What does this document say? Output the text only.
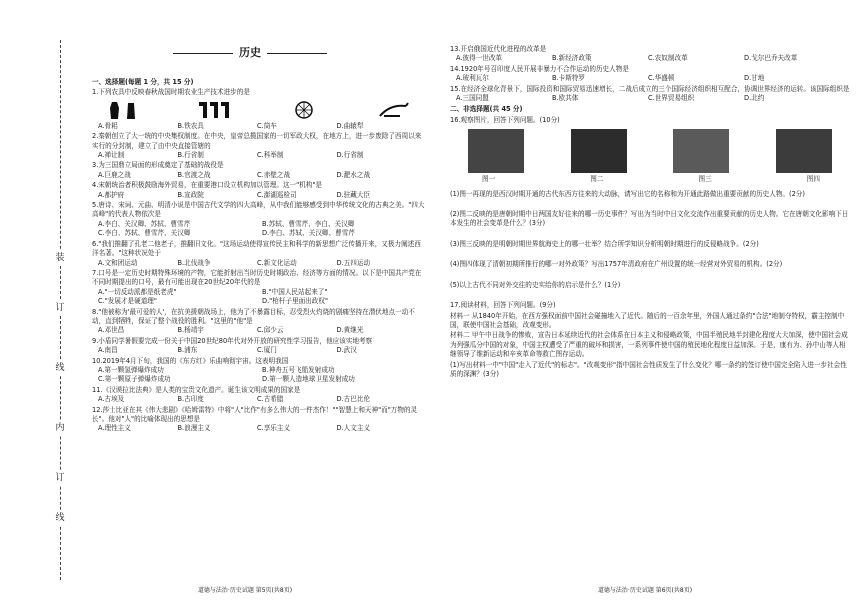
装
订
线
内
订
线
历史
一、选择题(每题 1 分，共 15 分)
1.下列农具中反映春秋战国时期农业生产技术进步的是
A.骨耜	B.铁农具	C.筒车	D.曲辕犁
2.秦朝创立了大一统的中央集权制度。在中央，皇帝总揽国家的一切军政大权，在地方上，进一步废除了西周以来实行的分封制，建立了由中央直接管辖的
A.禅让制	B.行省制	C.科举制	D.行省制
3.为三国鼎立局面的形成奠定了基础的战役是
A.巨鹿之战	B.官渡之战	C.赤壁之战	D.淝水之战
4.宋朝统治者积极鼓励海外贸易，在重要港口设立机构加以管理。这一"机构"是
A.都护府	B.宣政院	C.澎湖巡检司	D.驻藏大臣
5.唐诗、宋词、元曲、明清小说是中国古代文学的四大高峰，从中我们能够感受到中华传统文化的古典之美。"四大高峰"的代表人物依次是
A.李白、关汉卿、苏轼、曹雪芹	B.苏轼、曹雪芹、李白、关汉卿
C.李白、苏轼、曹雪芹、关汉卿	D.李白、苏轼、关汉卿、曹雪芹
6."我们推翻了孔老二他老子，推翻旧文化。"这场运动使得宣传民主和科学的新思想广泛传播开来，又极力阐述西洋名著。"这种状况处于
A.文和团运动	B.北伐战争	C.新文化运动	D.五四运动
7.口号是一定历史时期特殊环境的产物，它能折射出当时历史时期政治、经济等方面的情况。以下是中国共产党在不同时期提出的口号，最有可能出现在20世纪20年代的是
A."一切反动派都是纸老虎"	B."中国人民站起来了"
C."发展才是硬道理"	D."枪杆子里面出政权"
8."他被称为'最可爱的人'，在抗美援朝战场上，他为了不暴露目标，忍受烈火灼烧的剧痛坚持在潜伏地点一动不动，直到牺牲，保证了整个战役的胜利。"这里的"他"是
A.邓世昌	B.杨靖宇	C.邱少云	D.黄继光
9.小盾同学暑假要完成一份关于中国20世纪80年代对外开放的研究性学习报告，他应该实地考察
A.南昌	B.浦东	C.厦门	D.武汉
10.2019年4月下旬，我国的《东方红》乐曲响彻宇宙。这表明我国
A.第一颗氢弹爆炸成功	B.神舟五号飞船发射成功
C.第一颗原子弹爆炸成功	D.第一颗人造地球卫星发射成功
11.《汉谟拉比法典》是人类的宝贵文化遗产。诞生该文明成果的国家是
A.古埃及	B.古印度	C.古希腊	D.古巴比伦
12.莎士比亚在其《伟大悲剧》《哈姆雷特》中将"人"比作"有多么伟大的一件杰作！""智慧上和天神"而"万物的灵长"。他对"人"的比喻体现出的思想是
A.理性主义	B.浪漫主义	C.享乐主义	D.人文主义
道德与法治·历史试题 第5页(共8页)
13.开启俄国近代化进程的改革是
A.彼得一世改革	B.新经济政策	C.农奴制改革	D.戈尔巴乔夫改革
14.1920年号召印度人民开展非暴力不合作运动的历史人物是
A.玻利瓦尔	B.卡斯特罗	C.华盛顿	D.甘地
15.在经济全球化背景下，国际投资和国际贸易迅速增长，二战后成立的三个国际经济组织相互配合，协调世界经济的运转。该国际组织是
A.三国同盟	B.欧共体	C.世界贸易组织	D.北约
二、非选择题(共 45 分)
16.观察图片，回答下列问题。(10分)
图一	图二	图三	图四
(1)图一再现的是西汉时期开通的古代东西方往来的大动脉，请写出它的名称和为开通此路做出重要贡献的历史人物。(2分)
(2)图二反映的是唐朝时期中日两国友好往来的哪一历史事件？写出为当时中日文化交流作出重要贡献的历史人物。它在唐朝文化影响下日本发生的社会变革是什么？(3分)
(3)图三反映的是明朝时期世界航海史上的哪一壮举？结合所学知识分析明朝时期进行的反侵略战争。(2分)
(4)图四体现了清朝初期所推行的哪一对外政策？写出1757年清政府在广州设置的统一经营对外贸易的机构。(2分)
(5)以上古代不同对外交往的史实给你的启示是什么？(1分)
17.阅读材料，回答下列问题。(9分)
材料一 从1840年开始，在西方强权面前中国社会碰撞地入了近代。随后的一百余年里，外国人通过条约"合法"地制夺特权，霸主控制中国，联使中国社会基础，改观变形。
材料二 甲午中日战争的惨败，宣告日本延续近代的社会体系在日本主义和侵略政策，中国半殖民地半封建化程度大大加深，使中国社会成为列强瓜分中国的对象，中国主权遭受了严重的破坏和损害，一系列事件使中国的殖民地化程度日益加深。于是，康有为、孙中山等人相继领导了维新运动和辛亥革命等救亡图存运动。
(1)写出材料一中"中国"走入了近代"的标志"。"改观变形"指中国社会性质发生了什么变化？哪一条约的签订使中国完全陷入进一步社会性质的深渊？(3分)
道德与法治·历史试题 第6页(共8页)
